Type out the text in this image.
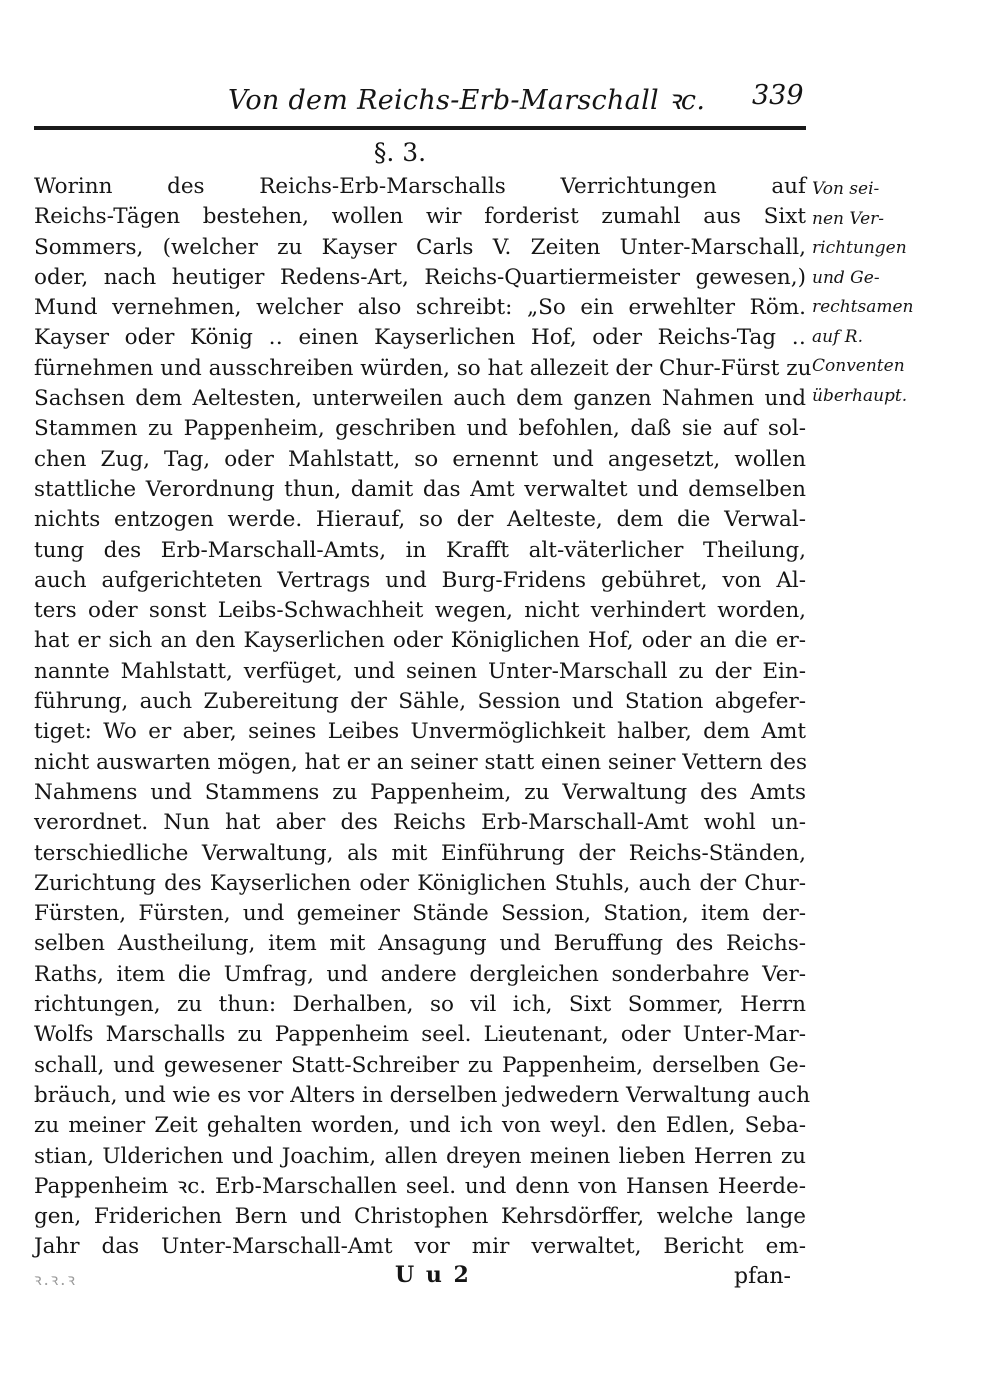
Von dem Reichs-Erb-Marschall ꝛc. 339
§. 3.
Worinn des Reichs-Erb-Marschalls Verrichtungen auf
Reichs-Tägen bestehen, wollen wir forderist zumahl aus Sixt
Sommers, (welcher zu Kayser Carls V. Zeiten Unter-Marschall,
oder, nach heutiger Redens-Art, Reichs-Quartiermeister gewesen,)
Mund vernehmen, welcher also schreibt: „So ein erwehlter Röm.
Kayser oder König ‥ einen Kayserlichen Hof, oder Reichs-Tag ‥
fürnehmen und ausschreiben würden, so hat allezeit der Chur-Fürst zu
Sachsen dem Aeltesten, unterweilen auch dem ganzen Nahmen und
Stammen zu Pappenheim, geschriben und befohlen, daß sie auf sol-
chen Zug, Tag, oder Mahlstatt, so ernennt und angesetzt, wollen
stattliche Verordnung thun, damit das Amt verwaltet und demselben
nichts entzogen werde. Hierauf, so der Aelteste, dem die Verwal-
tung des Erb-Marschall-Amts, in Krafft alt-väterlicher Theilung,
auch aufgerichteten Vertrags und Burg-Fridens gebühret, von Al-
ters oder sonst Leibs-Schwachheit wegen, nicht verhindert worden,
hat er sich an den Kayserlichen oder Königlichen Hof, oder an die er-
nannte Mahlstatt, verfüget, und seinen Unter-Marschall zu der Ein-
führung, auch Zubereitung der Sähle, Session und Station abgefer-
tiget: Wo er aber, seines Leibes Unvermöglichkeit halber, dem Amt
nicht auswarten mögen, hat er an seiner statt einen seiner Vettern des
Nahmens und Stammens zu Pappenheim, zu Verwaltung des Amts
verordnet. Nun hat aber des Reichs Erb-Marschall-Amt wohl un-
terschiedliche Verwaltung, als mit Einführung der Reichs-Ständen,
Zurichtung des Kayserlichen oder Königlichen Stuhls, auch der Chur-
Fürsten, Fürsten, und gemeiner Stände Session, Station, item der-
selben Austheilung, item mit Ansagung und Beruffung des Reichs-
Raths, item die Umfrag, und andere dergleichen sonderbahre Ver-
richtungen, zu thun: Derhalben, so vil ich, Sixt Sommer, Herrn
Wolfs Marschalls zu Pappenheim seel. Lieutenant, oder Unter-Mar-
schall, und gewesener Statt-Schreiber zu Pappenheim, derselben Ge-
bräuch, und wie es vor Alters in derselben jedwedern Verwaltung auch
zu meiner Zeit gehalten worden, und ich von weyl. den Edlen, Seba-
stian, Ulderichen und Joachim, allen dreyen meinen lieben Herren zu
Pappenheim ꝛc. Erb-Marschallen seel. und denn von Hansen Heerde-
gen, Friderichen Bern und Christophen Kehrsdörffer, welche lange
Jahr das Unter-Marschall-Amt vor mir verwaltet, Bericht em-
Von sei-
nen Ver-
richtungen
und Ge-
rechtsamen
auf R.
Conventen
überhaupt.
ꝛ.ꝛ.ꝛ	U u 2	pfan-
